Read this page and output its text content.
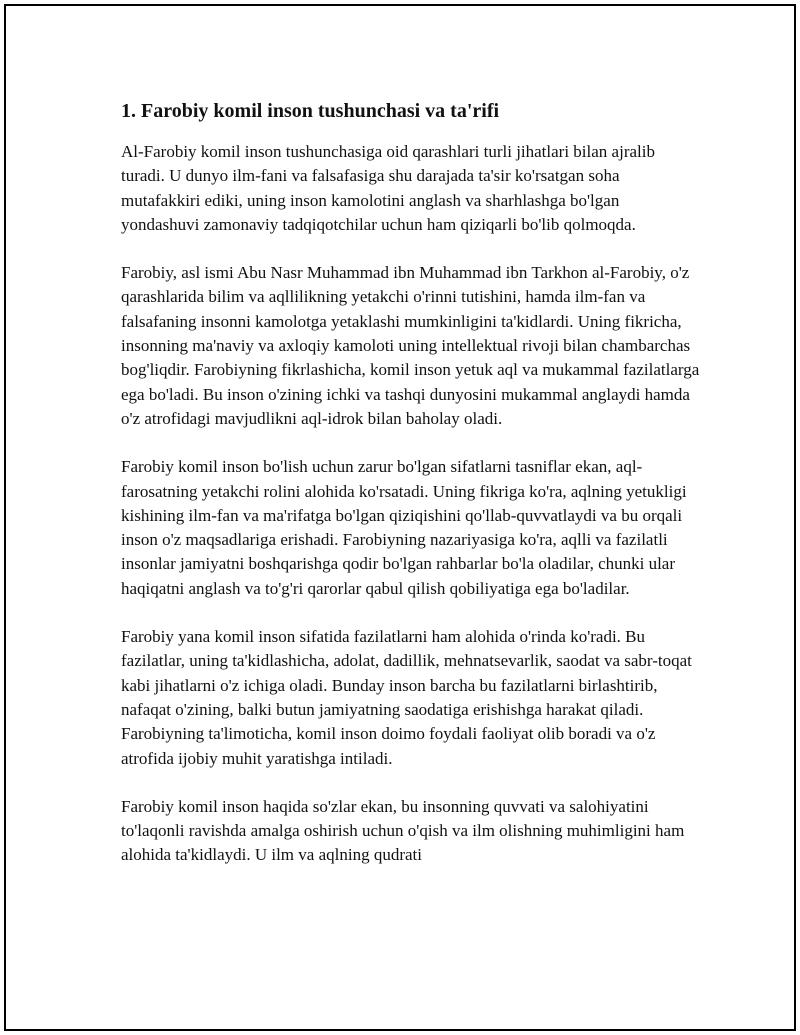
1. Farobiy komil inson tushunchasi va ta'rifi

Al-Farobiy komil inson tushunchasiga oid qarashlari turli jihatlari bilan ajralib turadi. U dunyo ilm-fani va falsafasiga shu darajada ta'sir ko'rsatgan soha mutafakkiri ediki, uning inson kamolotini anglash va sharhlashga bo'lgan yondashuvi zamonaviy tadqiqotchilar uchun ham qiziqarli bo'lib qolmoqda.

Farobiy, asl ismi Abu Nasr Muhammad ibn Muhammad ibn Tarkhon al-Farobiy, o'z qarashlarida bilim va aqllilikning yetakchi o'rinni tutishini, hamda ilm-fan va falsafaning insonni kamolotga yetaklashi mumkinligini ta'kidlardi. Uning fikricha, insonning ma'naviy va axloqiy kamoloti uning intellektual rivoji bilan chambarchas bog'liqdir. Farobiyning fikrlashicha, komil inson yetuk aql va mukammal fazilatlarga ega bo'ladi. Bu inson o'zining ichki va tashqi dunyosini mukammal anglaydi hamda o'z atrofidagi mavjudlikni aql-idrok bilan baholay oladi.

Farobiy komil inson bo'lish uchun zarur bo'lgan sifatlarni tasniflar ekan, aql-farosatning yetakchi rolini alohida ko'rsatadi. Uning fikriga ko'ra, aqlning yetukligi kishining ilm-fan va ma'rifatga bo'lgan qiziqishini qo'llab-quvvatlaydi va bu orqali inson o'z maqsadlariga erishadi. Farobiyning nazariyasiga ko'ra, aqlli va fazilatli insonlar jamiyatni boshqarishga qodir bo'lgan rahbarlar bo'la oladilar, chunki ular haqiqatni anglash va to'g'ri qarorlar qabul qilish qobiliyatiga ega bo'ladilar.

Farobiy yana komil inson sifatida fazilatlarni ham alohida o'rinda ko'radi. Bu fazilatlar, uning ta'kidlashicha, adolat, dadillik, mehnatsevarlik, saodat va sabr-toqat kabi jihatlarni o'z ichiga oladi. Bunday inson barcha bu fazilatlarni birlashtirib, nafaqat o'zining, balki butun jamiyatning saodatiga erishishga harakat qiladi. Farobiyning ta'limoticha, komil inson doimo foydali faoliyat olib boradi va o'z atrofida ijobiy muhit yaratishga intiladi.

Farobiy komil inson haqida so'zlar ekan, bu insonning quvvati va salohiyatini to'laqonli ravishda amalga oshirish uchun o'qish va ilm olishning muhimligini ham alohida ta'kidlaydi. U ilm va aqlning qudrati
